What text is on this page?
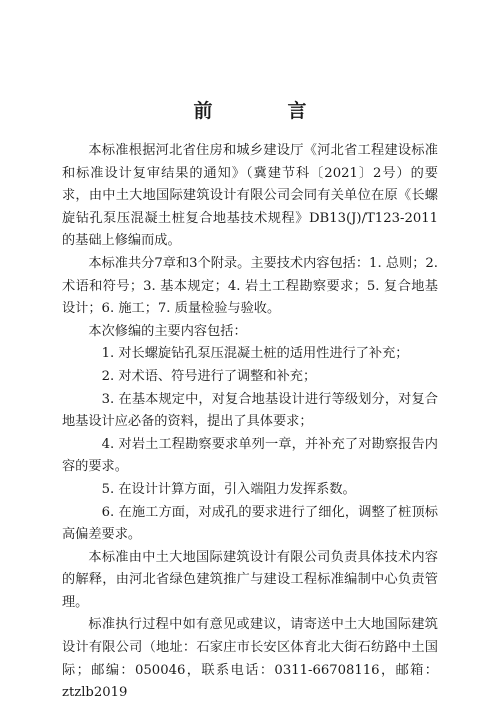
前　言

本标准根据河北省住房和城乡建设厅《河北省工程建设标准和标准设计复审结果的通知》（冀建节科〔2021〕2号）的要求，由中土大地国际建筑设计有限公司会同有关单位在原《长螺旋钻孔泵压混凝土桩复合地基技术规程》DB13(J)/T123-2011的基础上修编而成。

本标准共分7章和3个附录。主要技术内容包括：1. 总则；2. 术语和符号；3. 基本规定；4. 岩土工程勘察要求；5. 复合地基设计；6. 施工；7. 质量检验与验收。

本次修编的主要内容包括：

1. 对长螺旋钻孔泵压混凝土桩的适用性进行了补充；

2. 对术语、符号进行了调整和补充；

3. 在基本规定中，对复合地基设计进行等级划分，对复合地基设计应必备的资料，提出了具体要求；

4. 对岩土工程勘察要求单列一章，并补充了对勘察报告内容的要求。

5. 在设计计算方面，引入端阻力发挥系数。

6. 在施工方面，对成孔的要求进行了细化，调整了桩顶标高偏差要求。

本标准由中土大地国际建筑设计有限公司负责具体技术内容的解释，由河北省绿色建筑推广与建设工程标准编制中心负责管理。

标准执行过程中如有意见或建议，请寄送中土大地国际建筑设计有限公司（地址：石家庄市长安区体育北大街石纺路中土国际；邮编：050046，联系电话：0311-66708116，邮箱：ztzlb2019
